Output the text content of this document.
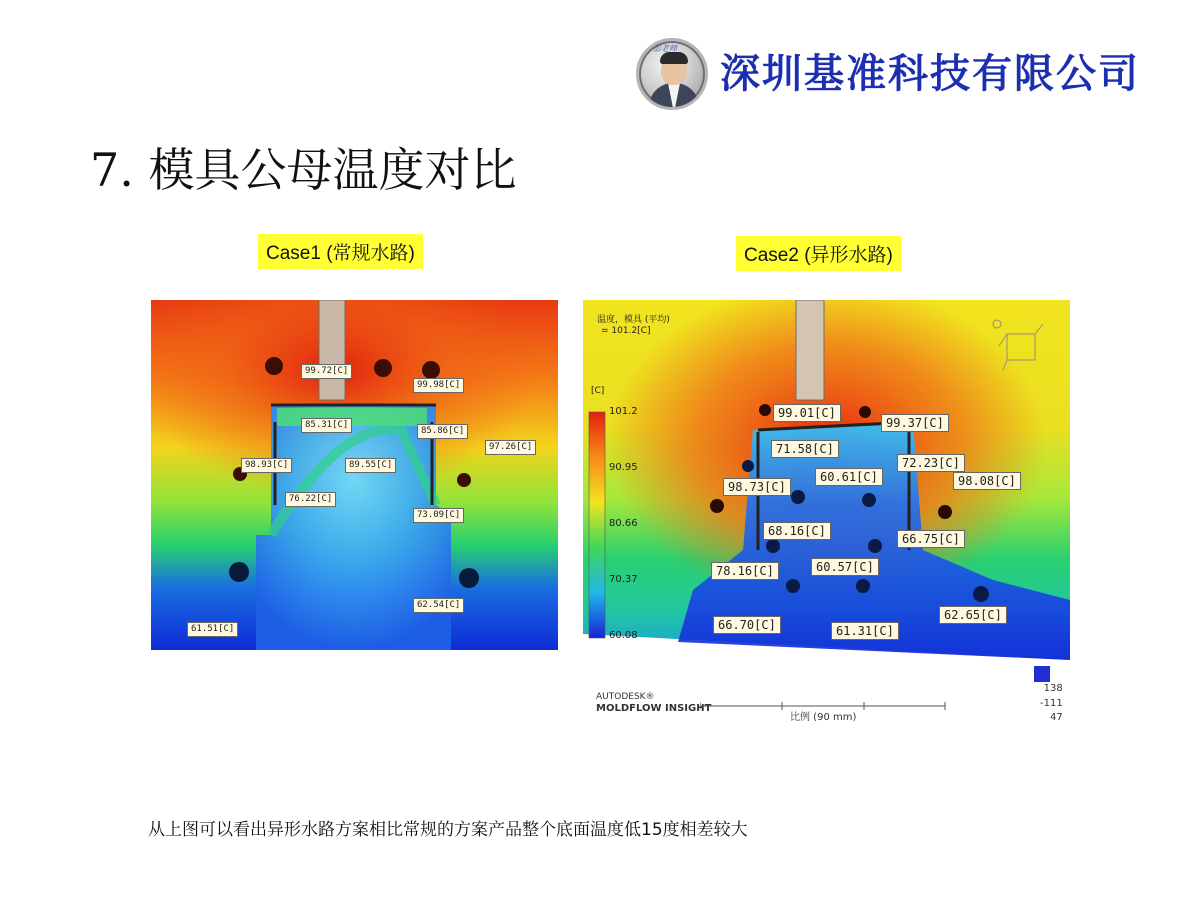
彭老师
深圳基准科技有限公司
7. 模具公母温度对比
Case1 (常规水路)	Case2 (异形水路)
99.72[C]
99.98[C]
85.31[C]
85.86[C]
97.26[C]
98.93[C]	89.55[C]
76.22[C]
73.09[C]
62.54[C]
61.51[C]
温度，模具 (平均)
= 101.2[C]
[C]
101.2
90.95
80.66
70.37
60.08
99.01[C]
99.37[C]
71.58[C]
72.23[C]
60.61[C]	98.08[C]
98.73[C]
68.16[C]
66.75[C]
78.16[C]	60.57[C]
62.65[C]
66.70[C]	61.31[C]
AUTODESK®
MOLDFLOW INSIGHT
比例 (90 mm)
138
-111
47
从上图可以看出异形水路方案相比常规的方案产品整个底面温度低15度相差较大
